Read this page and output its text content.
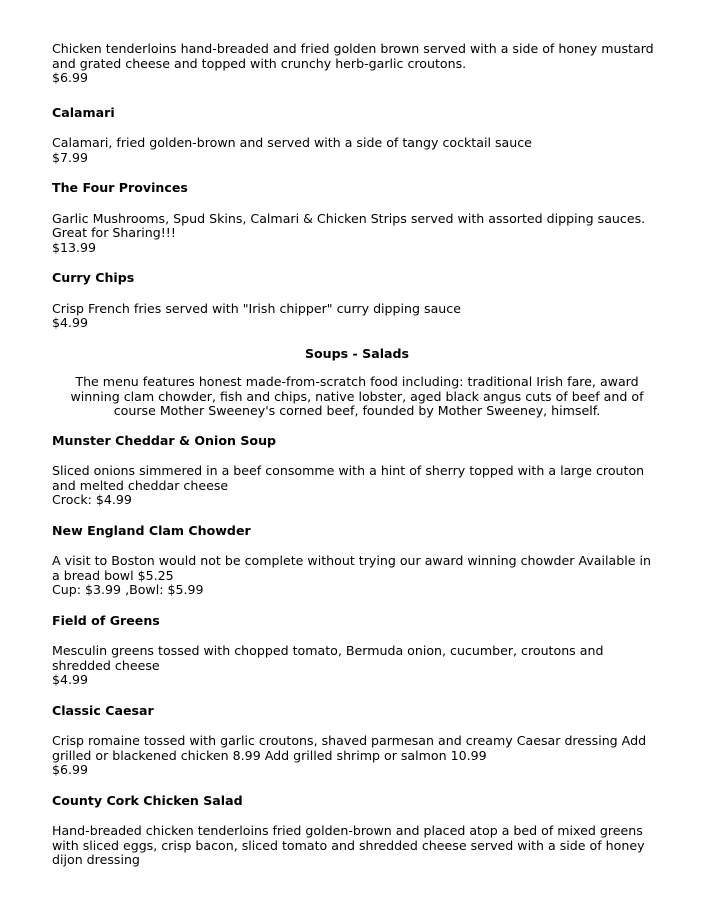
Chicken tenderloins hand-breaded and fried golden brown served with a side of honey mustard and grated cheese and topped with crunchy herb-garlic croutons.

$6.99

Calamari

Calamari, fried golden-brown and served with a side of tangy cocktail sauce

$7.99

The Four Provinces

Garlic Mushrooms, Spud Skins, Calmari & Chicken Strips served with assorted dipping sauces. Great for Sharing!!!

$13.99

Curry Chips

Crisp French fries served with "Irish chipper" curry dipping sauce

$4.99

Soups - Salads

The menu features honest made-from-scratch food including: traditional Irish fare, award winning clam chowder, fish and chips, native lobster, aged black angus cuts of beef and of course Mother Sweeney's corned beef, founded by Mother Sweeney, himself.

Munster Cheddar & Onion Soup

Sliced onions simmered in a beef consomme with a hint of sherry topped with a large crouton and melted cheddar cheese

Crock: $4.99

New England Clam Chowder

A visit to Boston would not be complete without trying our award winning chowder Available in a bread bowl $5.25

Cup: $3.99 ,Bowl: $5.99

Field of Greens

Mesculin greens tossed with chopped tomato, Bermuda onion, cucumber, croutons and shredded cheese

$4.99

Classic Caesar

Crisp romaine tossed with garlic croutons, shaved parmesan and creamy Caesar dressing Add grilled or blackened chicken 8.99 Add grilled shrimp or salmon 10.99

$6.99

County Cork Chicken Salad

Hand-breaded chicken tenderloins fried golden-brown and placed atop a bed of mixed greens with sliced eggs, crisp bacon, sliced tomato and shredded cheese served with a side of honey dijon dressing
